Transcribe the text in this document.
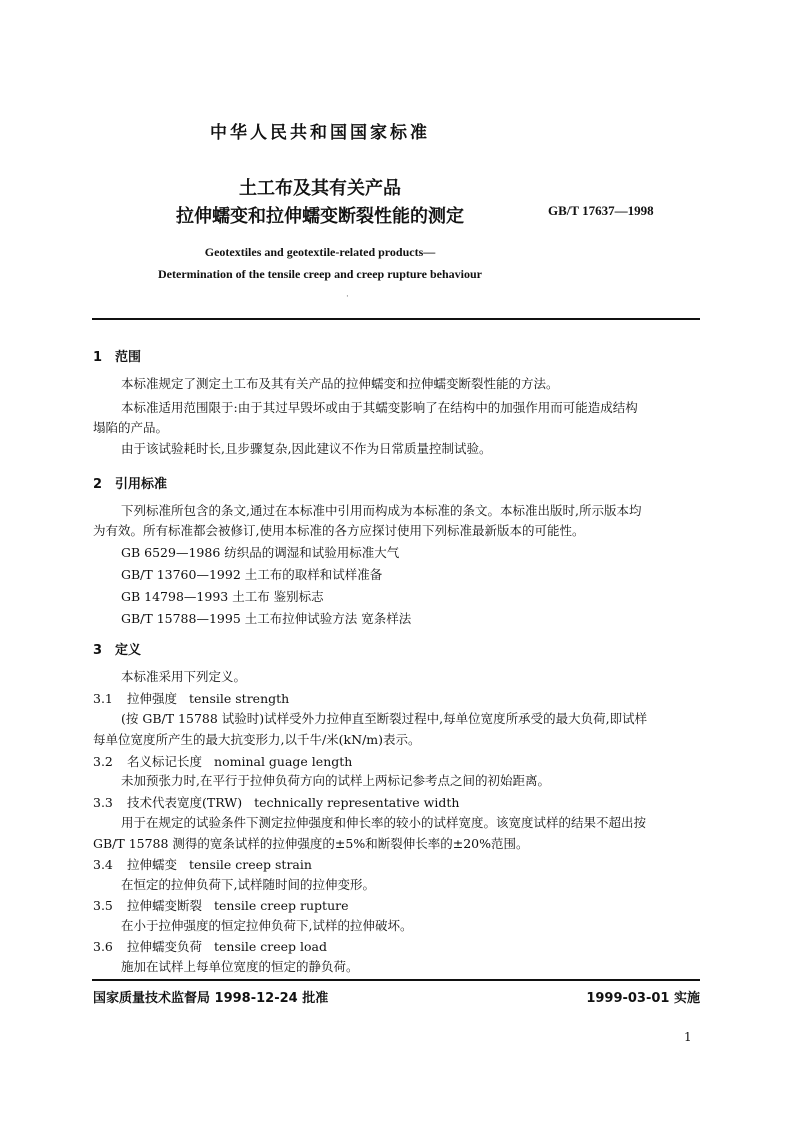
中华人民共和国国家标准
土工布及其有关产品
拉伸蠕变和拉伸蠕变断裂性能的测定	GB/T 17637—1998
Geotextiles and geotextile-related products—
Determination of the tensile creep and creep rupture behaviour
·
1 范围
本标准规定了测定土工布及其有关产品的拉伸蠕变和拉伸蠕变断裂性能的方法。
本标准适用范围限于:由于其过早毁坏或由于其蠕变影响了在结构中的加强作用而可能造成结构
塌陷的产品。
由于该试验耗时长,且步骤复杂,因此建议不作为日常质量控制试验。
2 引用标准
下列标准所包含的条文,通过在本标准中引用而构成为本标准的条文。本标准出版时,所示版本均
为有效。所有标准都会被修订,使用本标准的各方应探讨使用下列标准最新版本的可能性。
GB 6529—1986 纺织品的调湿和试验用标准大气
GB/T 13760—1992 土工布的取样和试样准备
GB 14798—1993 土工布 鉴别标志
GB/T 15788—1995 土工布拉伸试验方法 宽条样法
3 定义
本标准采用下列定义。
3.1 拉伸强度 tensile strength
(按 GB/T 15788 试验时)试样受外力拉伸直至断裂过程中,每单位宽度所承受的最大负荷,即试样
每单位宽度所产生的最大抗变形力,以千牛/米(kN/m)表示。
3.2 名义标记长度 nominal guage length
未加预张力时,在平行于拉伸负荷方向的试样上两标记参考点之间的初始距离。
3.3 技术代表宽度(TRW) technically representative width
用于在规定的试验条件下测定拉伸强度和伸长率的较小的试样宽度。该宽度试样的结果不超出按
GB/T 15788 测得的宽条试样的拉伸强度的±5%和断裂伸长率的±20%范围。
3.4 拉伸蠕变 tensile creep strain
在恒定的拉伸负荷下,试样随时间的拉伸变形。
3.5 拉伸蠕变断裂 tensile creep rupture
在小于拉伸强度的恒定拉伸负荷下,试样的拉伸破坏。
3.6 拉伸蠕变负荷 tensile creep load
施加在试样上每单位宽度的恒定的静负荷。
国家质量技术监督局 1998-12-24 批准	1999-03-01 实施
1
